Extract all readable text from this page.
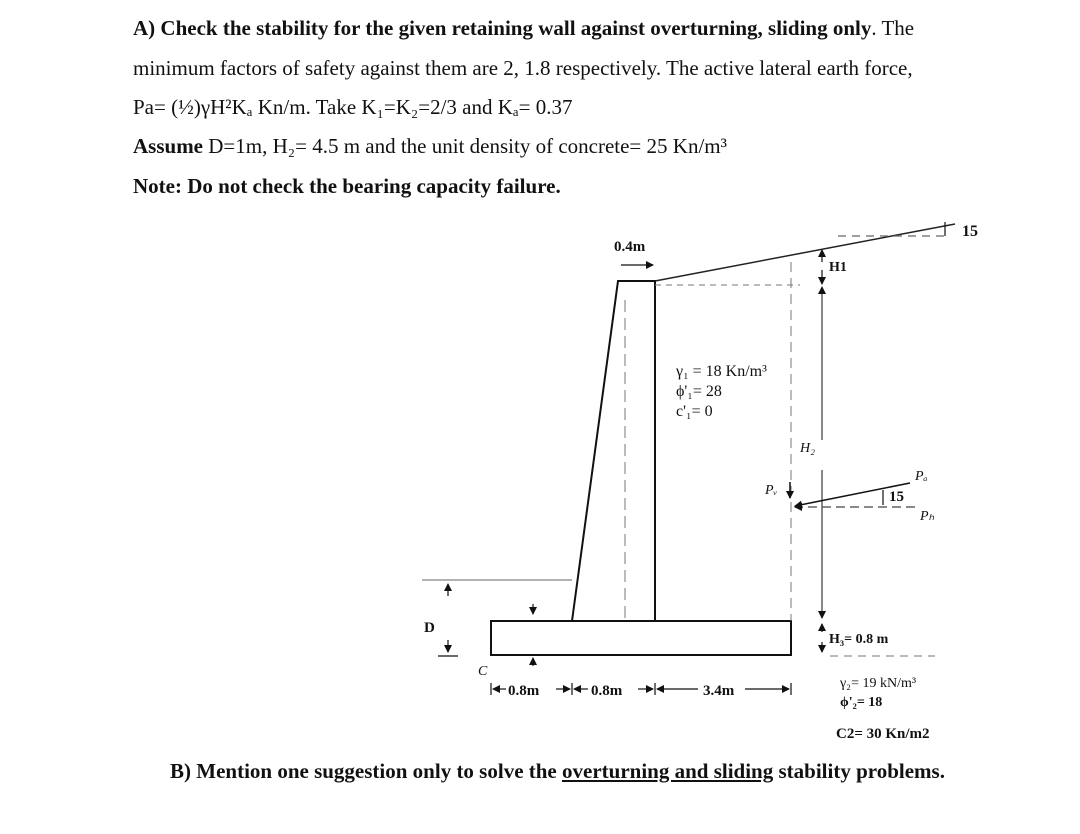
A) Check the stability for the given retaining wall against overturning, sliding only. The
minimum factors of safety against them are 2, 1.8 respectively. The active lateral earth force,
Pa= (½)γH²Kₐ Kn/m. Take K₁=K₂=2/3 and Kₐ= 0.37
Assume D=1m, H₂= 4.5 m and the unit density of concrete= 25 Kn/m³
Note: Do not check the bearing capacity failure.
B) Mention one suggestion only to solve the overturning and sliding stability problems.
0.4m
γ₁ = 18 Kn/m³
ϕ'₁= 28
c'₁= 0
H1
15
H₂
Pᵥ
Pₐ
Pₕ
15
D
C
H₃= 0.8 m
0.8m	0.8m	3.4m	γ₂= 19 kN/m³
ϕ'₂= 18
C2= 30 Kn/m2
